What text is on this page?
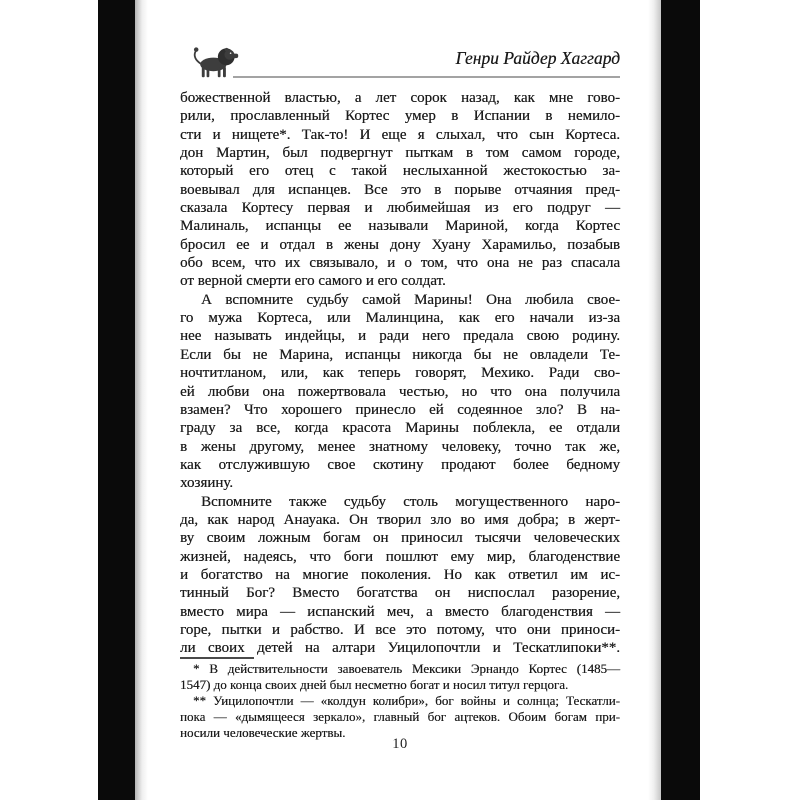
Генри Райдер Хаггард
божественной властью, а лет сорок назад, как мне гово-
рили, прославленный Кортес умер в Испании в немило-
сти и нищете*. Так-то! И еще я слыхал, что сын Кортеса.
дон Мартин, был подвергнут пыткам в том самом городе,
который его отец с такой неслыханной жестокостью за-
воевывал для испанцев. Все это в порыве отчаяния пред-
сказала Кортесу первая и любимейшая из его подруг —
Малиналь, испанцы ее называли Мариной, когда Кортес
бросил ее и отдал в жены дону Хуану Харамильо, позабыв
обо всем, что их связывало, и о том, что она не раз спасала
от верной смерти его самого и его солдат.
А вспомните судьбу самой Марины! Она любила свое-
го мужа Кортеса, или Малинцина, как его начали из-за
нее называть индейцы, и ради него предала свою родину.
Если бы не Марина, испанцы никогда бы не овладели Те-
ночтитланом, или, как теперь говорят, Мехико. Ради сво-
ей любви она пожертвовала честью, но что она получила
взамен? Что хорошего принесло ей содеянное зло? В на-
граду за все, когда красота Марины поблекла, ее отдали
в жены другому, менее знатному человеку, точно так же,
как отслужившую свое скотину продают более бедному
хозяину.
Вспомните также судьбу столь могущественного наро-
да, как народ Анауака. Он творил зло во имя добра; в жерт-
ву своим ложным богам он приносил тысячи человеческих
жизней, надеясь, что боги пошлют ему мир, благоденствие
и богатство на многие поколения. Но как ответил им ис-
тинный Бог? Вместо богатства он ниспослал разорение,
вместо мира — испанский меч, а вместо благоденствия —
горе, пытки и рабство. И все это потому, что они приноси-
ли своих детей на алтари Уицилопочтли и Тескатлипоки**.
* В действительности завоеватель Мексики Эрнандо Кортес (1485—
1547) до конца своих дней был несметно богат и носил титул герцога.
** Уицилопочтли — «колдун колибри», бог войны и солнца; Тескатли-
пока — «дымящееся зеркало», главный бог ацтеков. Обоим богам при-
носили человеческие жертвы.
10
